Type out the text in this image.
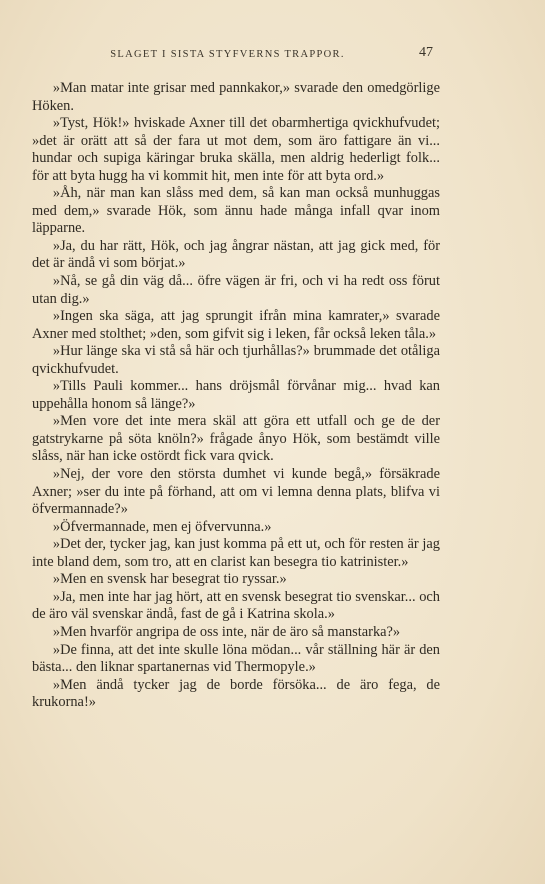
SLAGET I SISTA STYFVERNS TRAPPOR.	47

»Man matar inte grisar med pannkakor,» svarade den omedgörlige Höken.

»Tyst, Hök!» hviskade Axner till det obarmhertiga qvickhufvudet; »det är orätt att så der fara ut mot dem, som äro fattigare än vi... hundar och supiga käringar bruka skälla, men aldrig hederligt folk... för att byta hugg ha vi kommit hit, men inte för att byta ord.»

»Åh, när man kan slåss med dem, så kan man också munhuggas med dem,» svarade Hök, som ännu hade många infall qvar inom läpparne.

»Ja, du har rätt, Hök, och jag ångrar nästan, att jag gick med, för det är ändå vi som börjat.»

»Nå, se gå din väg då... öfre vägen är fri, och vi ha redt oss förut utan dig.»

»Ingen ska säga, att jag sprungit ifrån mina kamrater,» svarade Axner med stolthet; »den, som gifvit sig i leken, får också leken tåla.»

»Hur länge ska vi stå så här och tjurhållas?» brummade det otåliga qvickhufvudet.

»Tills Pauli kommer... hans dröjsmål förvånar mig... hvad kan uppehålla honom så länge?»

»Men vore det inte mera skäl att göra ett utfall och ge de der gatstrykarne på söta knöln?» frågade ånyo Hök, som bestämdt ville slåss, när han icke ostördt fick vara qvick.

»Nej, der vore den största dumhet vi kunde begå,» försäkrade Axner; »ser du inte på förhand, att om vi lemna denna plats, blifva vi öfvermannade?»

»Öfvermannade, men ej öfvervunna.»

»Det der, tycker jag, kan just komma på ett ut, och för resten är jag inte bland dem, som tro, att en clarist kan besegra tio katrinister.»

»Men en svensk har besegrat tio ryssar.»

»Ja, men inte har jag hört, att en svensk besegrat tio svenskar... och de äro väl svenskar ändå, fast de gå i Katrina skola.»

»Men hvarför angripa de oss inte, när de äro så manstarka?»

»De finna, att det inte skulle löna mödan... vår ställning här är den bästa... den liknar spartanernas vid Thermopyle.»

»Men ändå tycker jag de borde försöka... de äro fega, de krukorna!»
